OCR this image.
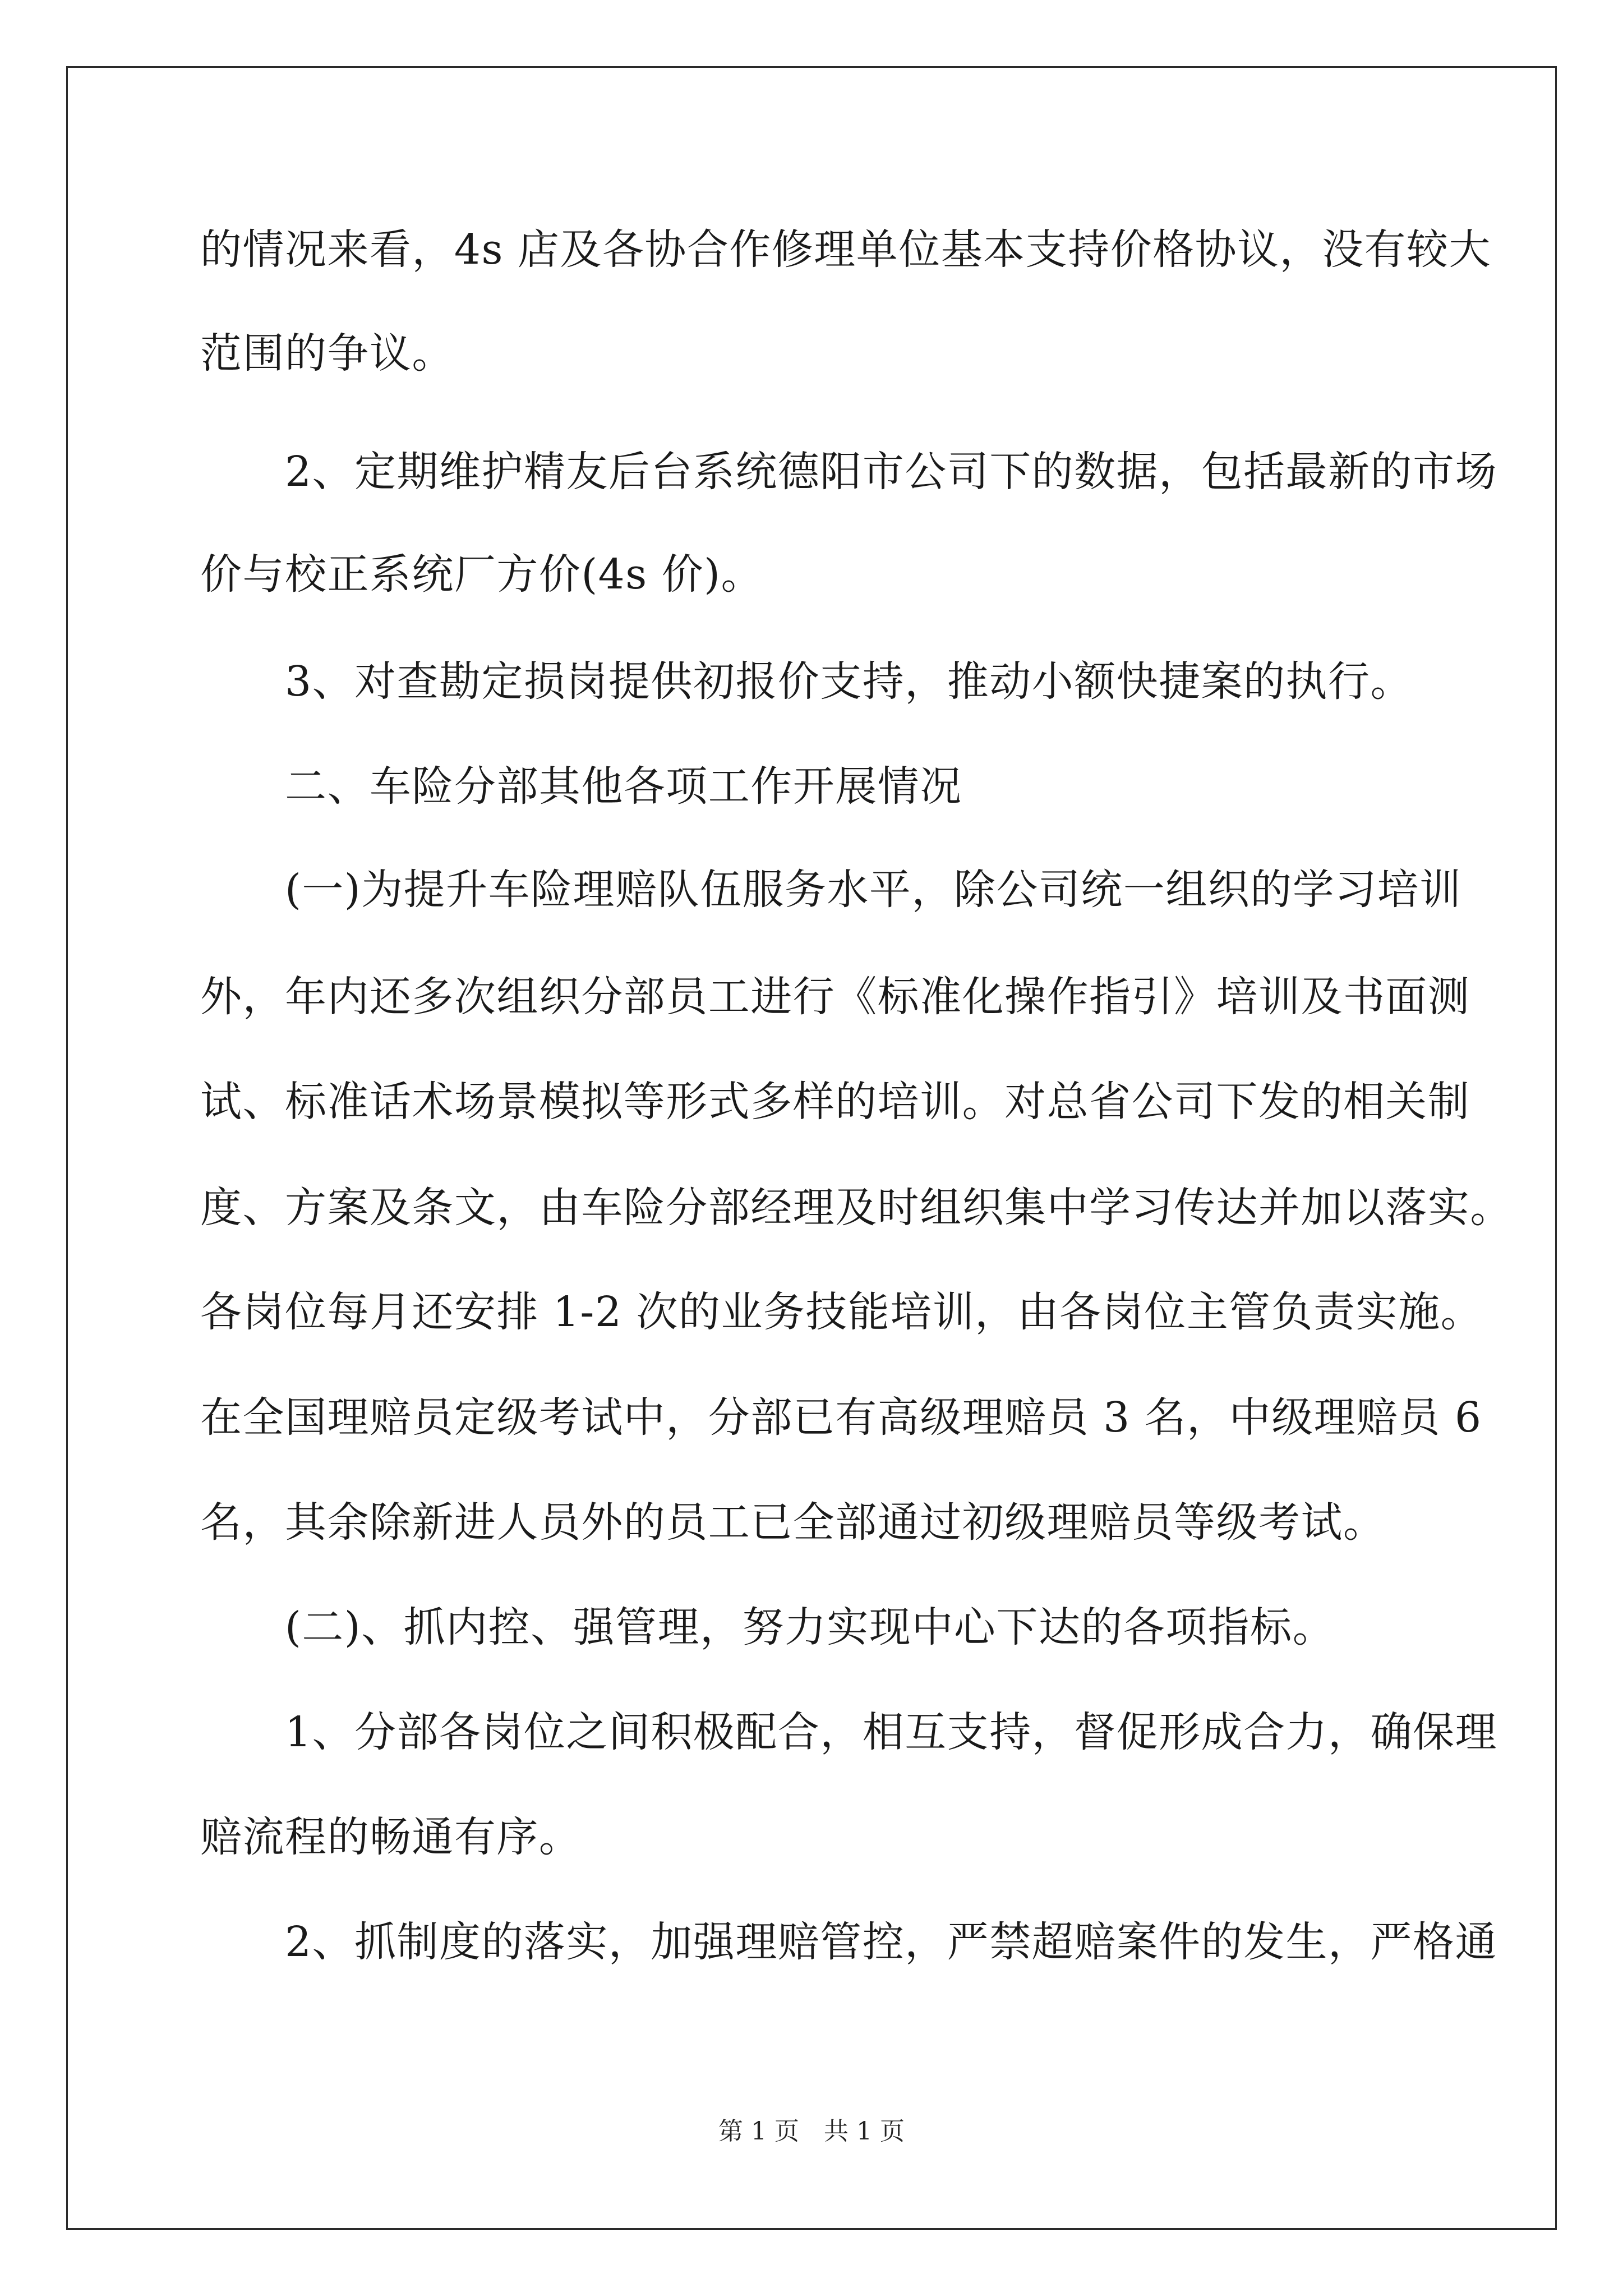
的情况来看，4s 店及各协合作修理单位基本支持价格协议，没有较大
范围的争议。
　　2、定期维护精友后台系统德阳市公司下的数据，包括最新的市场
价与校正系统厂方价(4s 价)。
　　3、对查勘定损岗提供初报价支持，推动小额快捷案的执行。
　　二、车险分部其他各项工作开展情况
　　(一)为提升车险理赔队伍服务水平，除公司统一组织的学习培训
外，年内还多次组织分部员工进行《标准化操作指引》培训及书面测
试、标准话术场景模拟等形式多样的培训。对总省公司下发的相关制
度、方案及条文，由车险分部经理及时组织集中学习传达并加以落实。
各岗位每月还安排 1-2 次的业务技能培训，由各岗位主管负责实施。
在全国理赔员定级考试中，分部已有高级理赔员 3 名，中级理赔员 6
名，其余除新进人员外的员工已全部通过初级理赔员等级考试。
　　(二)、抓内控、强管理，努力实现中心下达的各项指标。
　　1、分部各岗位之间积极配合，相互支持，督促形成合力，确保理
赔流程的畅通有序。
　　2、抓制度的落实，加强理赔管控，严禁超赔案件的发生，严格通
第 1 页　共 1 页
